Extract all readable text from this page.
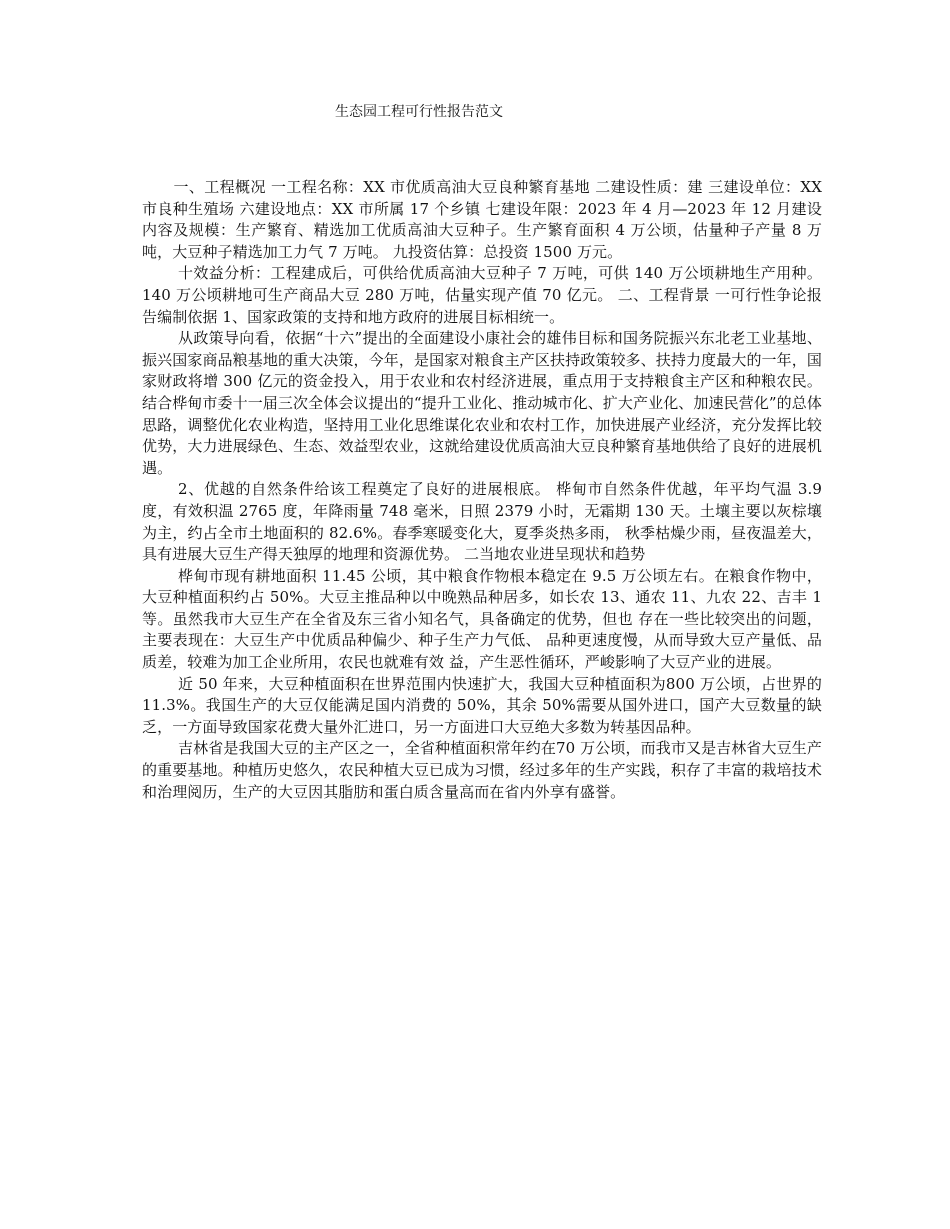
生态园工程可行性报告范文

一、工程概况 一工程名称：XX 市优质高油大豆良种繁育基地 二建设性质：建 三建设单位：XX 市良种生殖场 六建设地点：XX 市所属 17 个乡镇 七建设年限：2023 年 4 月—2023 年 12 月建设内容及规模：生产繁育、精选加工优质高油大豆种子。生产繁育面积 4 万公顷，估量种子产量 8 万吨，大豆种子精选加工力气 7 万吨。 九投资估算：总投资 1500 万元。

十效益分析：工程建成后，可供给优质高油大豆种子 7 万吨，可供 140 万公顷耕地生产用种。140 万公顷耕地可生产商品大豆 280 万吨，估量实现产值 70 亿元。 二、工程背景 一可行性争论报告编制依据 1、国家政策的支持和地方政府的进展目标相统一。

从政策导向看，依据“十六”提出的全面建设小康社会的雄伟目标和国务院振兴东北老工业基地、振兴国家商品粮基地的重大决策，今年，是国家对粮食主产区扶持政策较多、扶持力度最大的一年，国家财政将增 300 亿元的资金投入，用于农业和农村经济进展，重点用于支持粮食主产区和种粮农民。结合桦甸市委十一届三次全体会议提出的“提升工业化、推动城市化、扩大产业化、加速民营化”的总体思路，调整优化农业构造，坚持用工业化思维谋化农业和农村工作，加快进展产业经济，充分发挥比较优势，大力进展绿色、生态、效益型农业，这就给建设优质高油大豆良种繁育基地供给了良好的进展机遇。

2、优越的自然条件给该工程奠定了良好的进展根底。 桦甸市自然条件优越，年平均气温 3.9 度，有效积温 2765 度，年降雨量 748 毫米，日照 2379 小时，无霜期 130 天。土壤主要以灰棕壤为主，约占全市土地面积的 82.6%。春季寒暖变化大，夏季炎热多雨， 秋季枯燥少雨，昼夜温差大，具有进展大豆生产得天独厚的地理和资源优势。 二当地农业进呈现状和趋势

桦甸市现有耕地面积 11.45 公顷，其中粮食作物根本稳定在 9.5 万公顷左右。在粮食作物中，大豆种植面积约占 50%。大豆主推品种以中晚熟品种居多，如长农 13、通农 11、九农 22、吉丰 1 等。虽然我市大豆生产在全省及东三省小知名气，具备确定的优势，但也 存在一些比较突出的问题，主要表现在：大豆生产中优质品种偏少、种子生产力气低、 品种更速度慢，从而导致大豆产量低、品质差，较难为加工企业所用，农民也就难有效 益，产生恶性循环，严峻影响了大豆产业的进展。

近 50 年来，大豆种植面积在世界范围内快速扩大，我国大豆种植面积为800 万公顷，占世界的 11.3%。我国生产的大豆仅能满足国内消费的 50%，其余 50%需要从国外进口，国产大豆数量的缺乏，一方面导致国家花费大量外汇进口，另一方面进口大豆绝大多数为转基因品种。

吉林省是我国大豆的主产区之一，全省种植面积常年约在70 万公顷，而我市又是吉林省大豆生产的重要基地。种植历史悠久，农民种植大豆已成为习惯，经过多年的生产实践，积存了丰富的栽培技术和治理阅历，生产的大豆因其脂肪和蛋白质含量高而在省内外享有盛誉。
